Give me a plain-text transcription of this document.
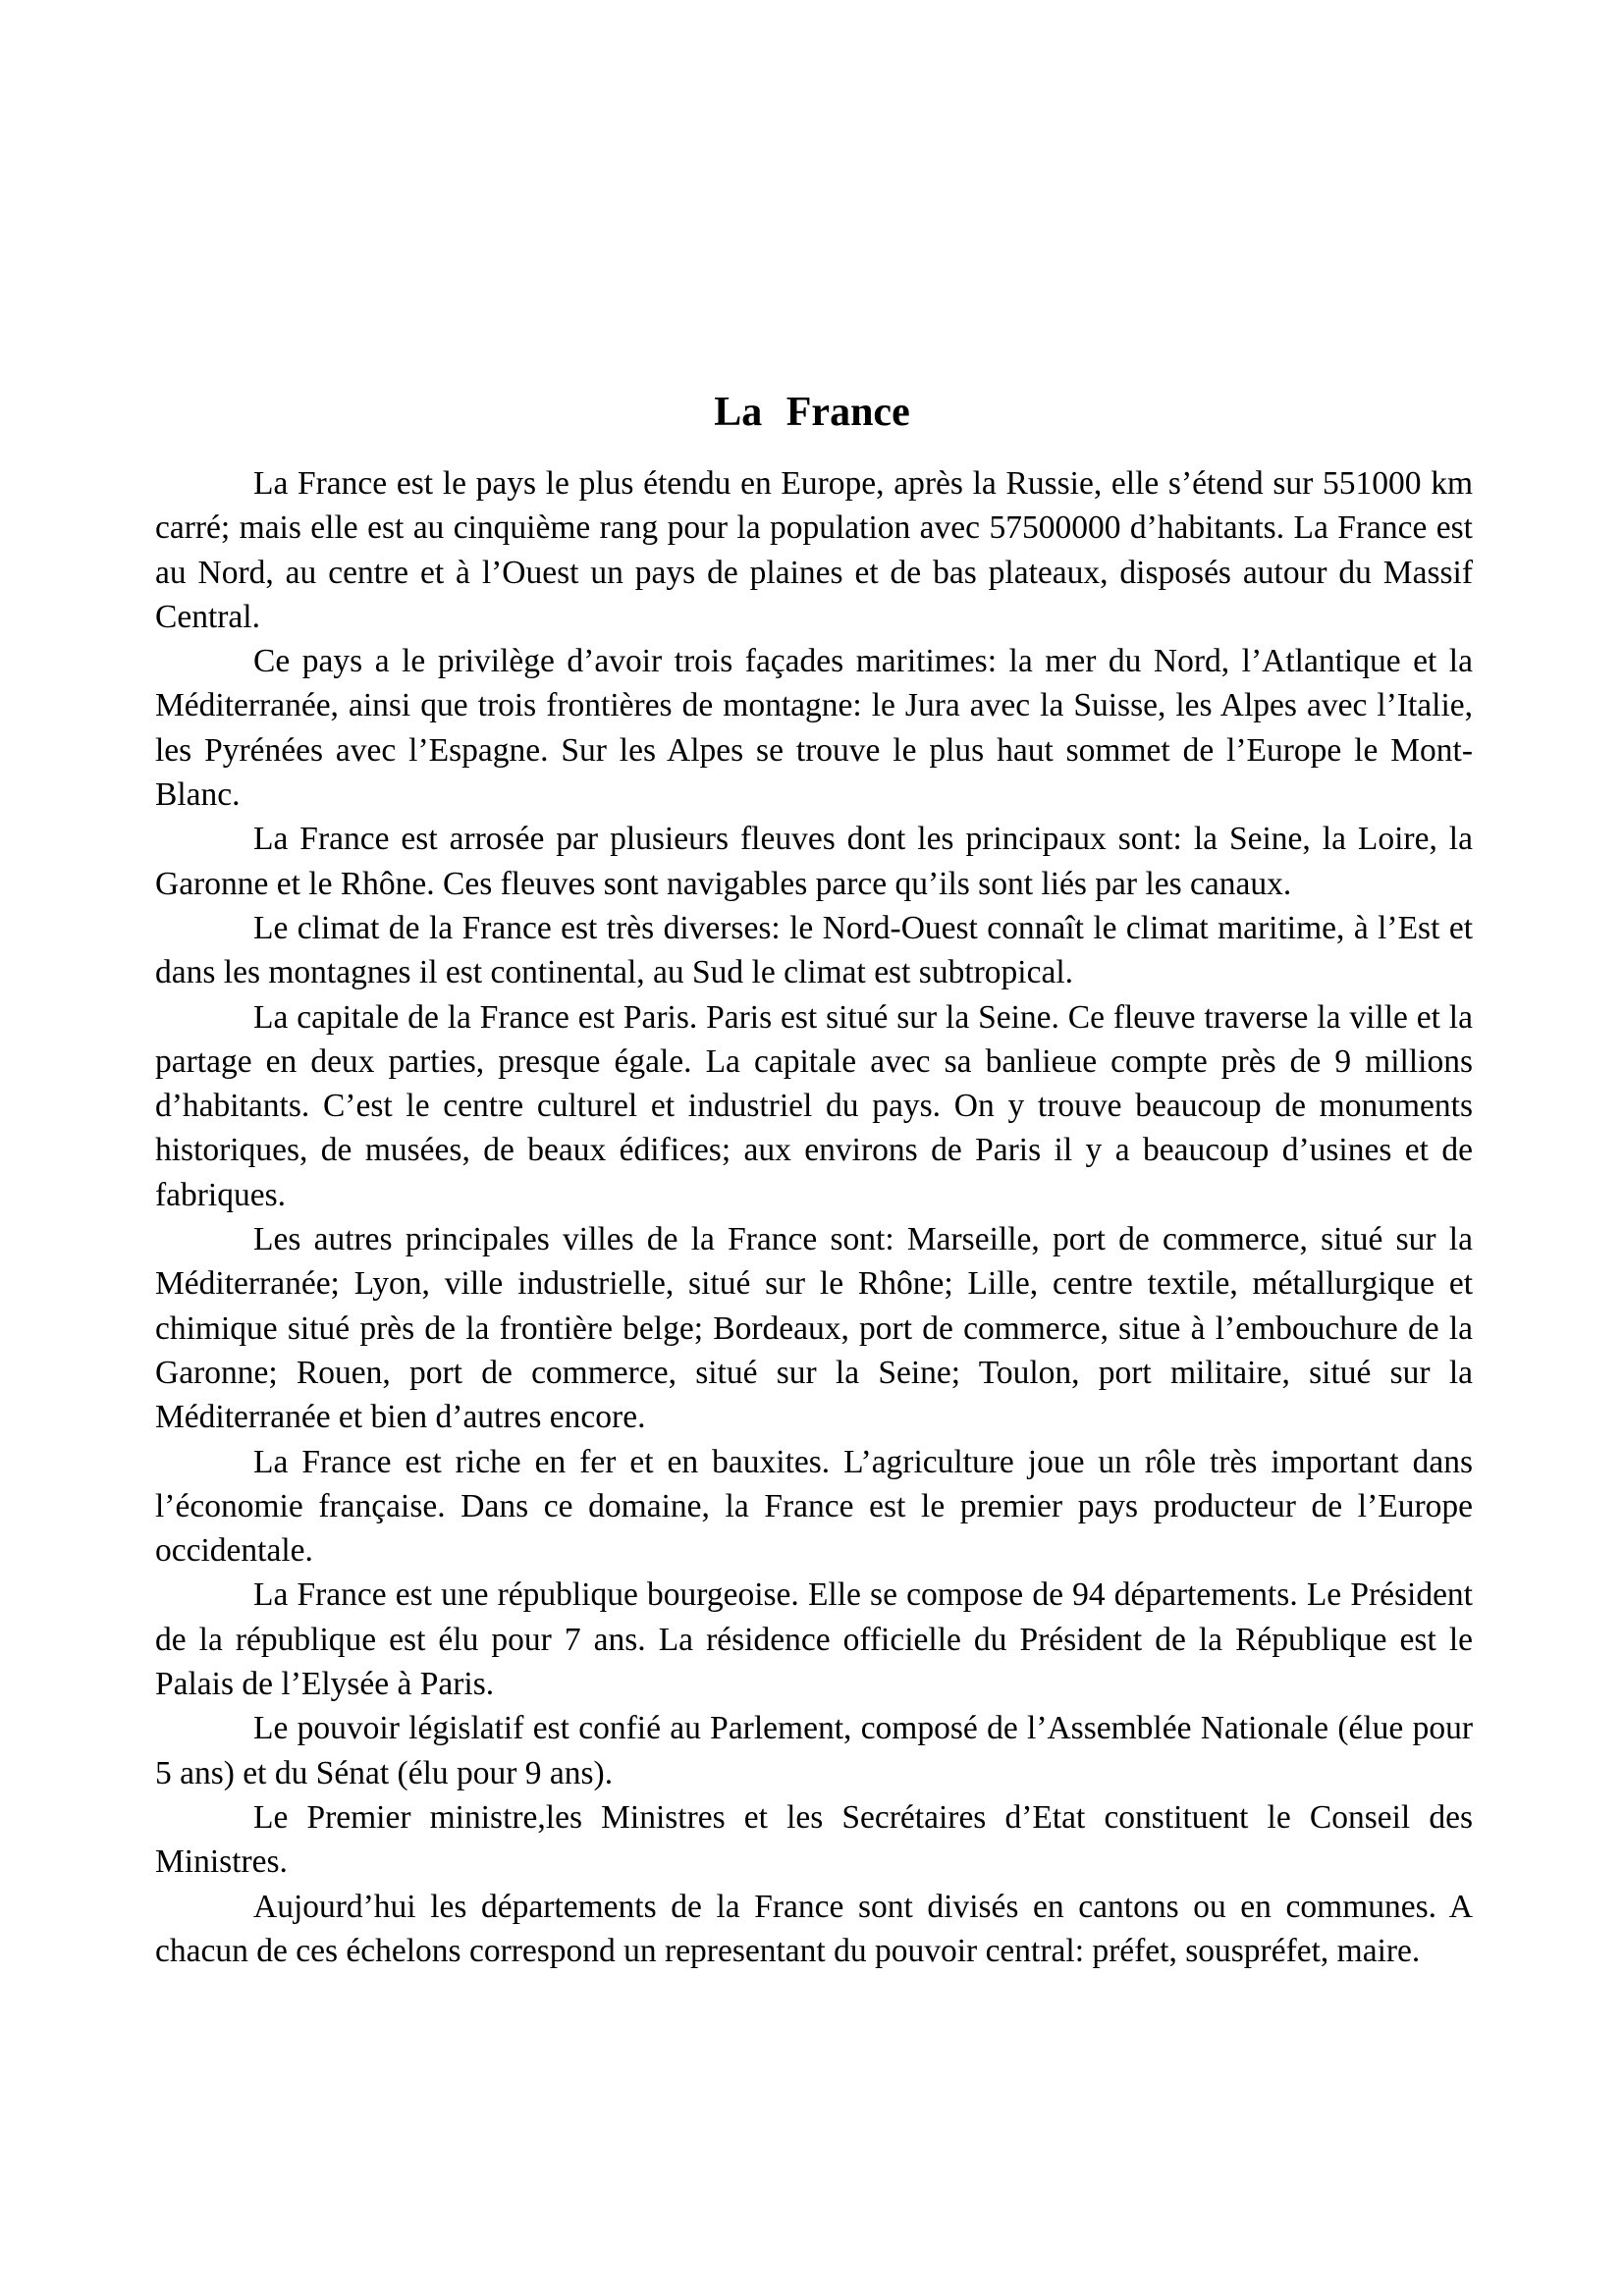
La France

La France est le pays le plus étendu en Europe, après la Russie, elle s’étend sur 551000 km carré; mais elle est au cinquième rang pour la population avec 57500000 d’habitants. La France est au Nord, au centre et à l’Ouest un pays de plaines et de bas plateaux, disposés autour du Massif Central.

Ce pays a le privilège d’avoir trois façades maritimes: la mer du Nord, l’Atlantique et la Méditerranée, ainsi que trois frontières de montagne: le Jura avec la Suisse, les Alpes avec l’Italie, les Pyrénées avec l’Espagne. Sur les Alpes se trouve le plus haut sommet de l’Europe le Mont-Blanc.

La France est arrosée par plusieurs fleuves dont les principaux sont: la Seine, la Loire, la Garonne et le Rhône. Ces fleuves sont navigables parce qu’ils sont liés par les canaux.

Le climat de la France est très diverses: le Nord-Ouest connaît le climat maritime, à l’Est et dans les montagnes il est continental, au Sud le climat est subtropical.

La capitale de la France est Paris. Paris est situé sur la Seine. Ce fleuve traverse la ville et la partage en deux parties, presque égale. La capitale avec sa banlieue compte près de 9 millions d’habitants. C’est le centre culturel et industriel du pays. On y trouve beaucoup de monuments historiques, de musées, de beaux édifices; aux environs de Paris il y a beaucoup d’usines et de fabriques.

Les autres principales villes de la France sont: Marseille, port de commerce, situé sur la Méditerranée; Lyon, ville industrielle, situé sur le Rhône; Lille, centre textile, métallurgique et chimique situé près de la frontière belge; Bordeaux, port de commerce, situe à l’embouchure de la Garonne; Rouen, port de commerce, situé sur la Seine; Toulon, port militaire, situé sur la Méditerranée et bien d’autres encore.

La France est riche en fer et en bauxites. L’agriculture joue un rôle très important dans l’économie française. Dans ce domaine, la France est le premier pays producteur de l’Europe occidentale.

La France est une république bourgeoise. Elle se compose de 94 départements. Le Président de la république est élu pour 7 ans. La résidence officielle du Président de la République est le Palais de l’Elysée à Paris.

Le pouvoir législatif est confié au Parlement, composé de l’Assemblée Nationale (élue pour 5 ans) et du Sénat (élu pour 9 ans).

Le Premier ministre,les Ministres et les Secrétaires d’Etat constituent le Conseil des Ministres.

Aujourd’hui les départements de la France sont divisés en cantons ou en communes. A chacun de ces échelons correspond un representant du pouvoir central: préfet, souspréfet, maire.
